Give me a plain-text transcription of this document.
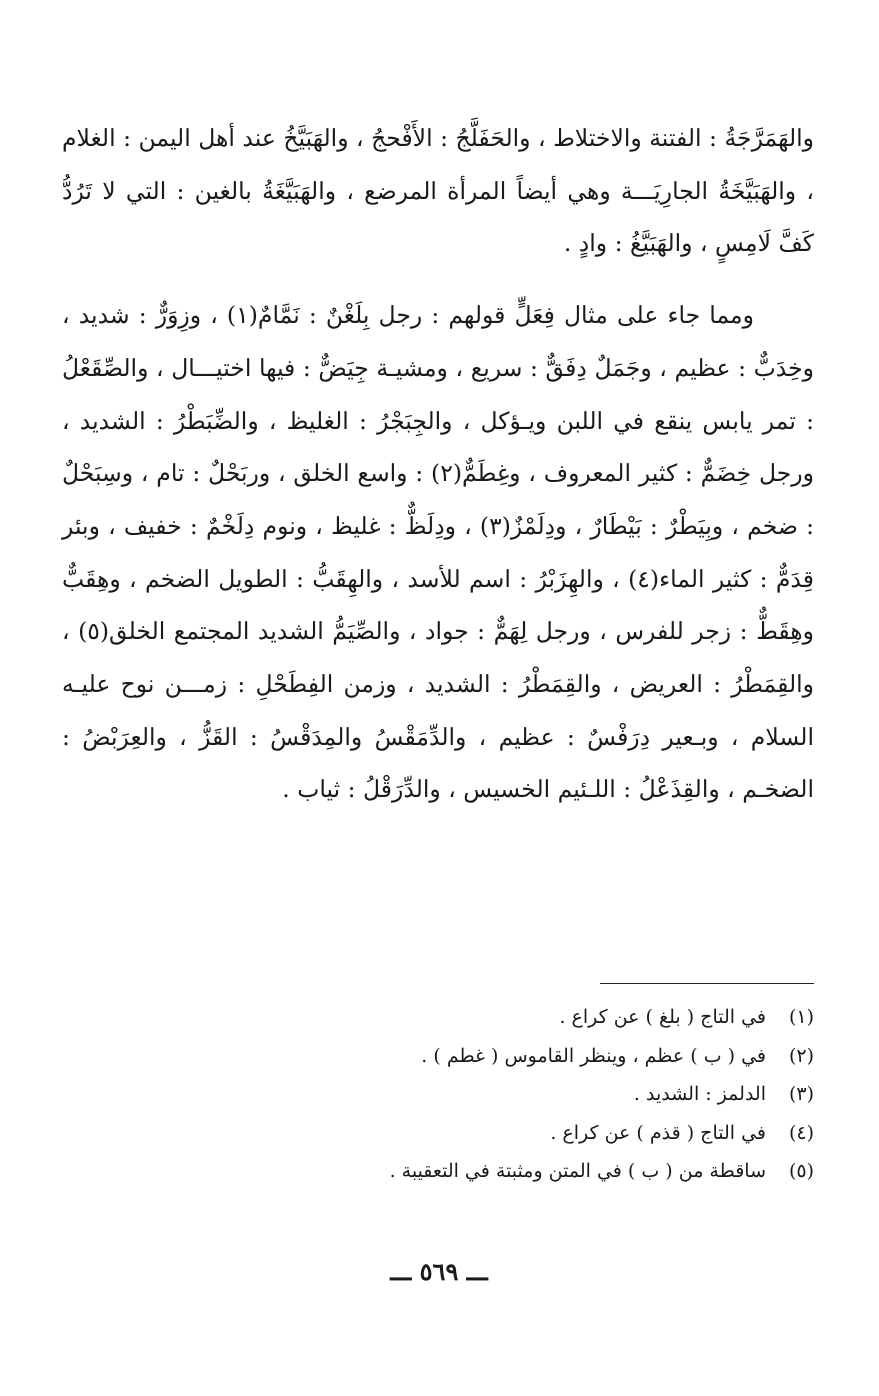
والهَمَرَّجَةُ : الفتنة والاختلاط ، والحَفَلَّجُ : الأَفْحجُ ، والهَبَيَّخُ عند أهل اليمن : الغلام ، والهَبَيَّخَةُ الجارِيَـــة وهي أيضاً المرأة المرضع ، والهَبَيَّغَةُ بالغين : التي لا تَرُدُّ كَفَّ لَامِسٍ ، والهَبَيَّغُ : وادٍ .

ومما جاء على مثال فِعَلٍّ قولهم : رجل بِلَغْنٌ : نَمَّامٌ(١) ، وزِوَرٌّ : شديد ، وخِدَبٌّ : عظيم ، وجَمَلٌ دِفَقٌّ : سريع ، ومشيـة جِيَضٌّ : فيها اختيـــال ، والصِّقَعْلُ : تمر يابس ينقع في اللبن ويـؤكل ، والجِبَجْرُ : الغليظ ، والضِّبَطْرُ : الشديد ، ورجل خِضَمٌّ : كثير المعروف ، وغِطَمٌّ(٢) : واسع الخلق ، وربَحْلٌ : تام ، وسِبَحْلٌ : ضخم ، وبِيَطْرٌ : بَيْطَارٌ ، ودِلَمْزٌ(٣) ، ودِلَظٌّ : غليظ ، ونوم دِلَخْمٌ : خفيف ، وبئر قِدَمٌّ : كثير الماء(٤) ، والهِزَبْرُ : اسم للأسد ، والهِقَبُّ : الطويل الضخم ، وهِقَبٌّ وهِقَطٌّ : زجر للفرس ، ورجل لِهَمٌّ : جواد ، والصِّيَمُّ الشديد المجتمع الخلق(٥) ، والقِمَطْرُ : العريض ، والقِمَطْرُ : الشديد ، وزمن الفِطَحْلِ : زمـــن نوح عليـه السلام ، وبـعير دِرَفْسٌ : عظيم ، والدِّمَقْسُ والمِدَقْسُ : القَزُّ ، والعِرَبْضُ : الضخـم ، والقِذَعْلُ : اللـئيم الخسيس ، والدِّرَقْلُ : ثياب .

(١)
في التاج ( بلغ ) عن كراع .
(٢)
في ( ب ) عظم ، وينظر القاموس ( غطم ) .
(٣)
الدلمز : الشديد .
(٤)
في التاج ( قذم ) عن كراع .
(٥)
ساقطة من ( ب ) في المتن ومثبتة في التعقيبة .
ـــ ٥٦٩ ـــ
